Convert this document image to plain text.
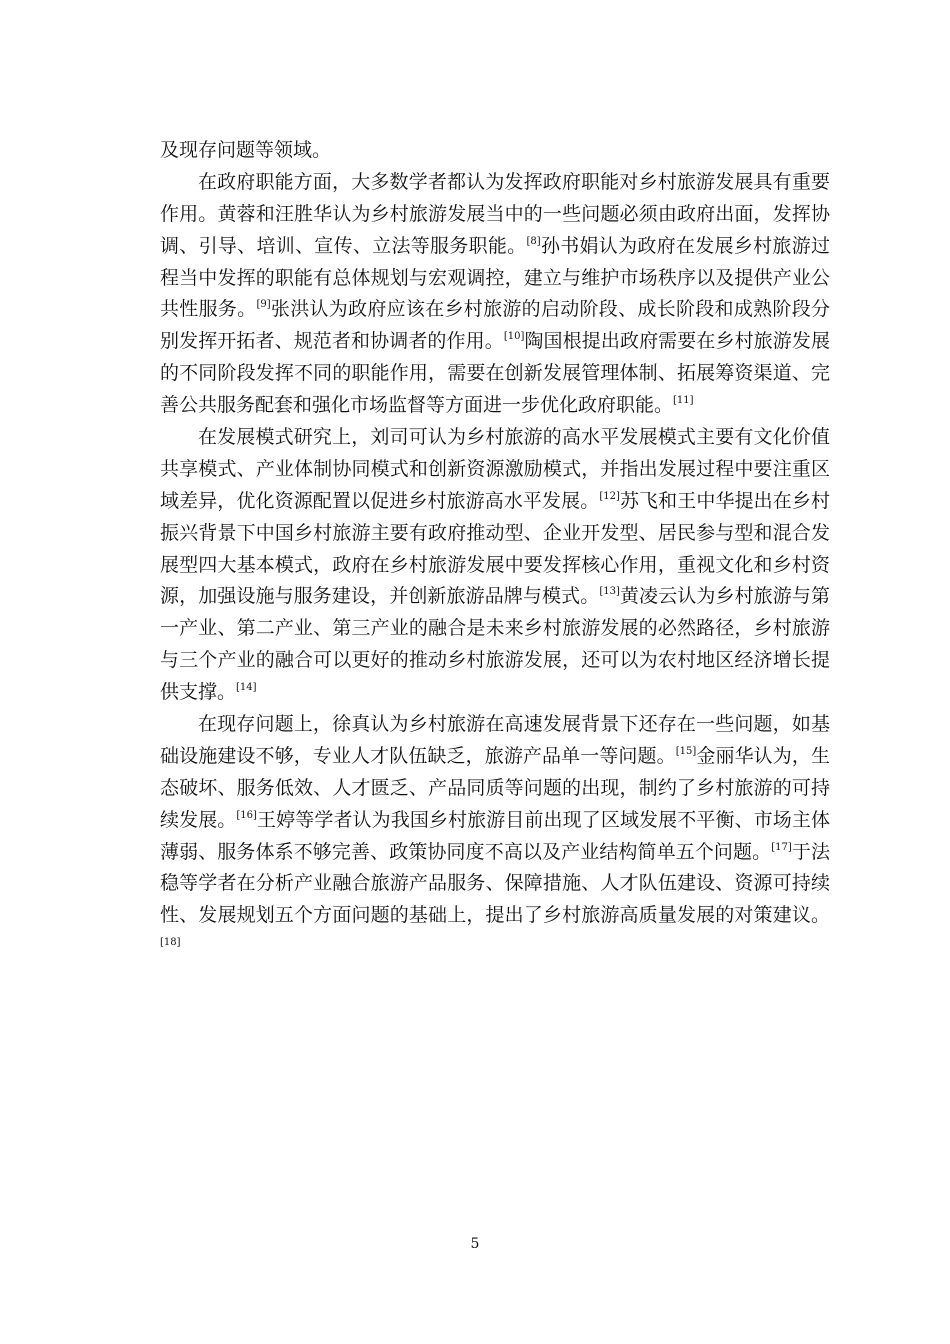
及现存问题等领域。
在政府职能方面，大多数学者都认为发挥政府职能对乡村旅游发展具有重要
作用。黄蓉和汪胜华认为乡村旅游发展当中的一些问题必须由政府出面，发挥协
调、引导、培训、宣传、立法等服务职能。[8]孙书娟认为政府在发展乡村旅游过
程当中发挥的职能有总体规划与宏观调控，建立与维护市场秩序以及提供产业公
共性服务。[9]张洪认为政府应该在乡村旅游的启动阶段、成长阶段和成熟阶段分
别发挥开拓者、规范者和协调者的作用。[10]陶国根提出政府需要在乡村旅游发展
的不同阶段发挥不同的职能作用，需要在创新发展管理体制、拓展筹资渠道、完
善公共服务配套和强化市场监督等方面进一步优化政府职能。[11]
在发展模式研究上，刘司可认为乡村旅游的高水平发展模式主要有文化价值
共享模式、产业体制协同模式和创新资源激励模式，并指出发展过程中要注重区
域差异，优化资源配置以促进乡村旅游高水平发展。[12]苏飞和王中华提出在乡村
振兴背景下中国乡村旅游主要有政府推动型、企业开发型、居民参与型和混合发
展型四大基本模式，政府在乡村旅游发展中要发挥核心作用，重视文化和乡村资
源，加强设施与服务建设，并创新旅游品牌与模式。[13]黄凌云认为乡村旅游与第
一产业、第二产业、第三产业的融合是未来乡村旅游发展的必然路径，乡村旅游
与三个产业的融合可以更好的推动乡村旅游发展，还可以为农村地区经济增长提
供支撑。[14]
在现存问题上，徐真认为乡村旅游在高速发展背景下还存在一些问题，如基
础设施建设不够，专业人才队伍缺乏，旅游产品单一等问题。[15]金丽华认为，生
态破坏、服务低效、人才匮乏、产品同质等问题的出现，制约了乡村旅游的可持
续发展。[16]王婷等学者认为我国乡村旅游目前出现了区域发展不平衡、市场主体
薄弱、服务体系不够完善、政策协同度不高以及产业结构简单五个问题。[17]于法
稳等学者在分析产业融合旅游产品服务、保障措施、人才队伍建设、资源可持续
性、发展规划五个方面问题的基础上，提出了乡村旅游高质量发展的对策建议。
[18]
5
